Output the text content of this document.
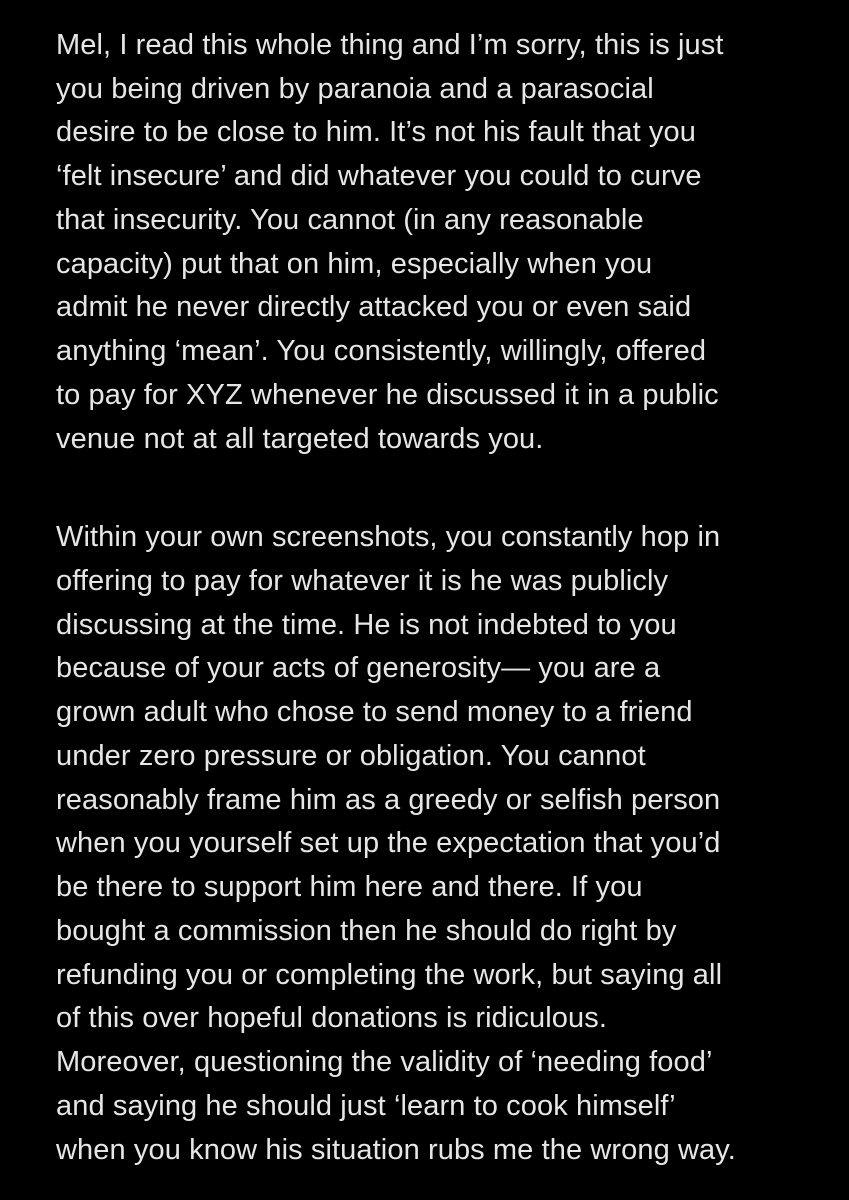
Mel, I read this whole thing and I’m sorry, this is just
you being driven by paranoia and a parasocial
desire to be close to him. It’s not his fault that you
‘felt insecure’ and did whatever you could to curve
that insecurity. You cannot (in any reasonable
capacity) put that on him, especially when you
admit he never directly attacked you or even said
anything ‘mean’. You consistently, willingly, offered
to pay for XYZ whenever he discussed it in a public
venue not at all targeted towards you.
Within your own screenshots, you constantly hop in
offering to pay for whatever it is he was publicly
discussing at the time. He is not indebted to you
because of your acts of generosity— you are a
grown adult who chose to send money to a friend
under zero pressure or obligation. You cannot
reasonably frame him as a greedy or selfish person
when you yourself set up the expectation that you’d
be there to support him here and there. If you
bought a commission then he should do right by
refunding you or completing the work, but saying all
of this over hopeful donations is ridiculous.
Moreover, questioning the validity of ‘needing food’
and saying he should just ‘learn to cook himself’
when you know his situation rubs me the wrong way.
